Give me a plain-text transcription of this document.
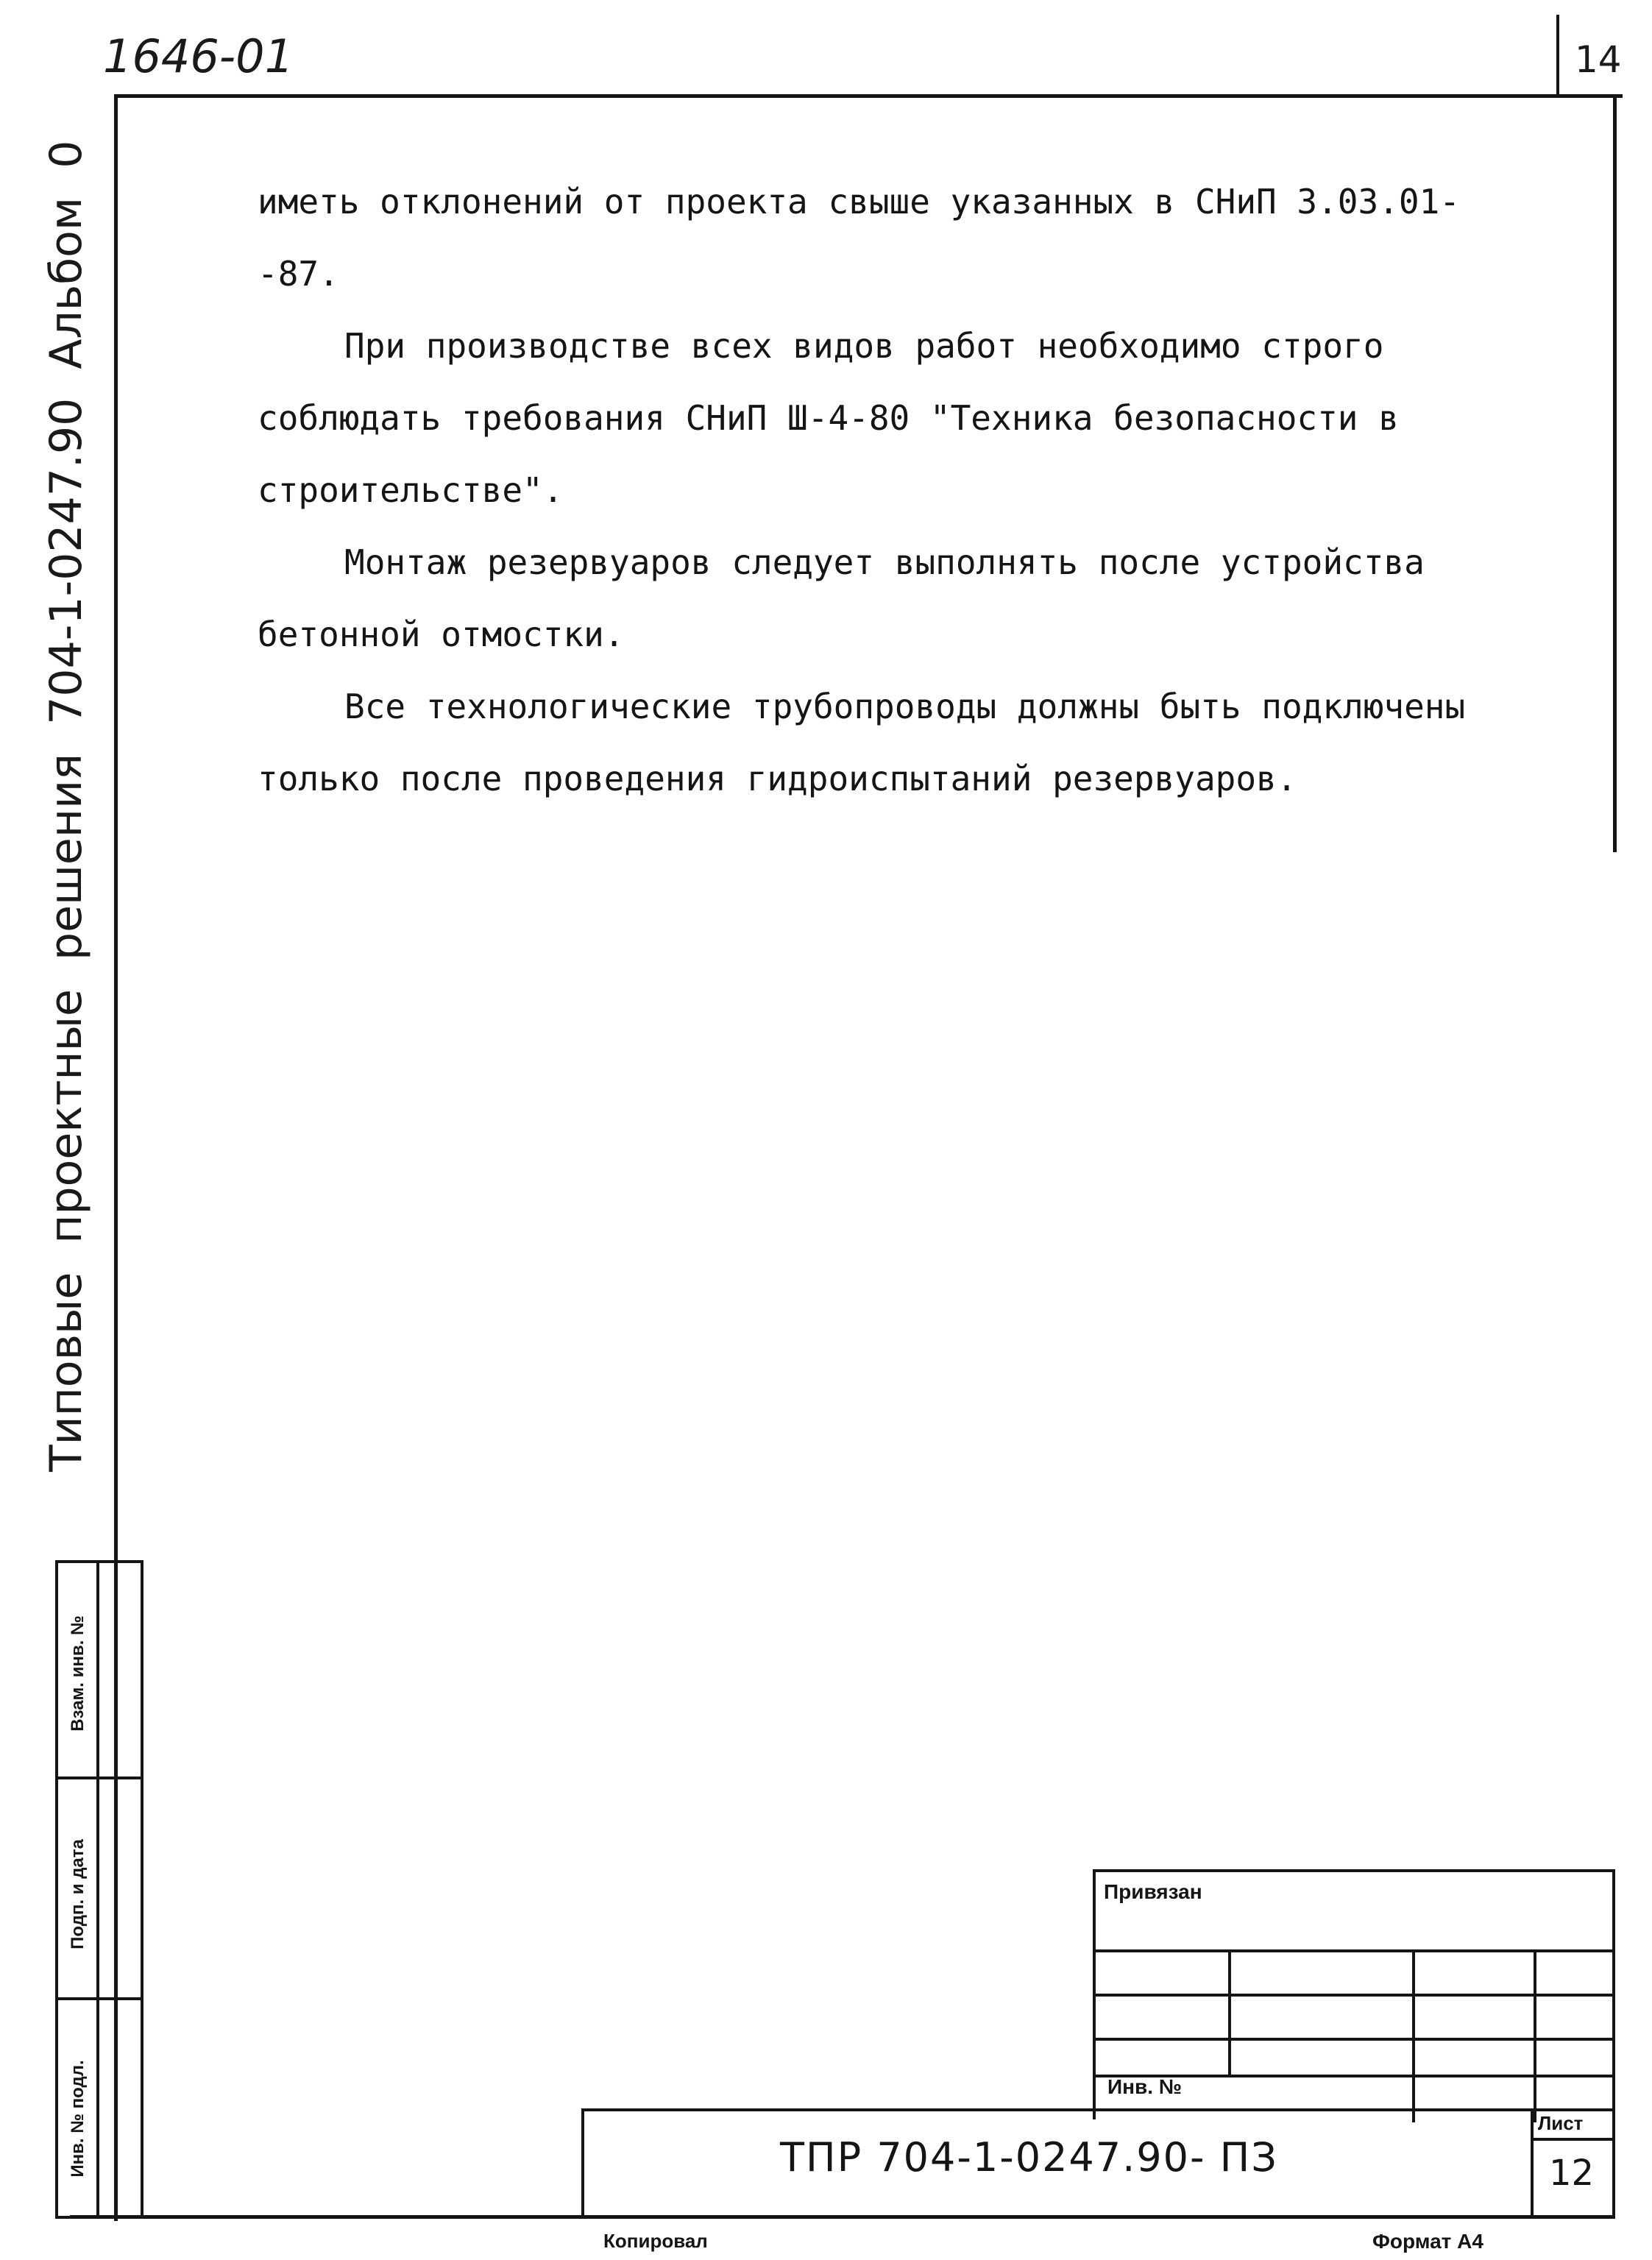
1646-01	14
Типовые проектные решения 704-1-0247.90 Альбом 0
Взам. инв. №
Подп. и дата
Инв. № подл.

иметь отклонений от проекта свыше указанных в СНиП 3.03.01- -87.

При производстве всех видов работ необходимо строго соблюдать требования СНиП Ш-4-80 "Техника безопасности в строительстве".

Монтаж резервуаров следует выполнять после устройства бетонной отмостки.

Все технологические трубопроводы должны быть подключены только после проведения гидроиспытаний резервуаров.

Привязан
Инв. №
ТПР 704-1-0247.90- ПЗ
Лист
12
Копировал	Формат А4
